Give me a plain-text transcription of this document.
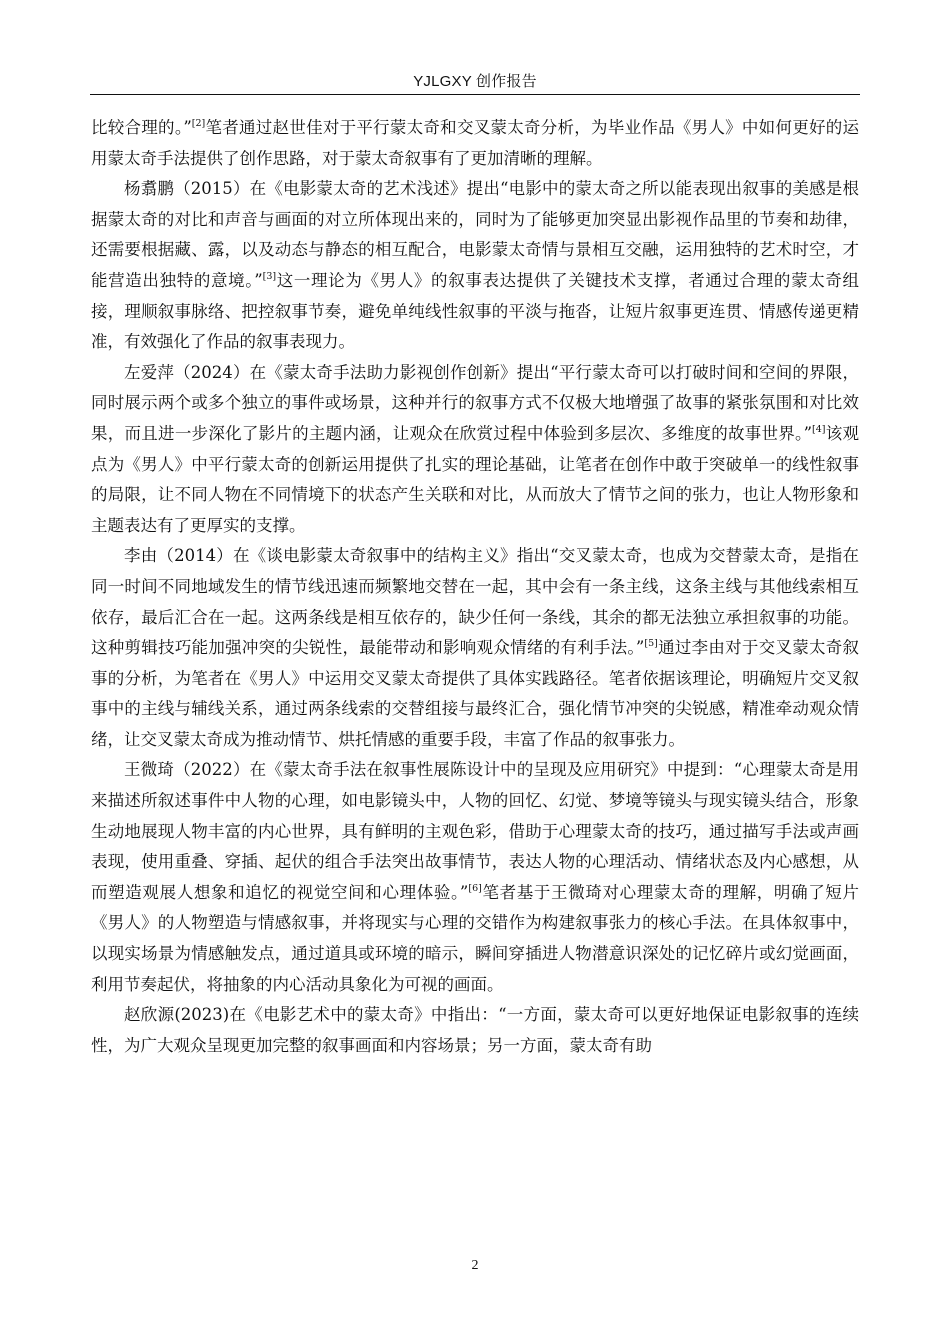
YJLGXY 创作报告

比较合理的。”[2]笔者通过赵世佳对于平行蒙太奇和交叉蒙太奇分析，为毕业作品《男人》中如何更好的运用蒙太奇手法提供了创作思路，对于蒙太奇叙事有了更加清晰的理解。

杨翥鹏（2015）在《电影蒙太奇的艺术浅述》提出“电影中的蒙太奇之所以能表现出叙事的美感是根据蒙太奇的对比和声音与画面的对立所体现出来的，同时为了能够更加突显出影视作品里的节奏和劫律，还需要根据藏、露，以及动态与静态的相互配合，电影蒙太奇情与景相互交融，运用独特的艺术时空，才能营造出独特的意境。”[3]这一理论为《男人》的叙事表达提供了关键技术支撑，者通过合理的蒙太奇组接，理顺叙事脉络、把控叙事节奏，避免单纯线性叙事的平淡与拖沓，让短片叙事更连贯、情感传递更精准，有效强化了作品的叙事表现力。

左爱萍（2024）在《蒙太奇手法助力影视创作创新》提出“平行蒙太奇可以打破时间和空间的界限，同时展示两个或多个独立的事件或场景，这种并行的叙事方式不仅极大地增强了故事的紧张氛围和对比效果，而且进一步深化了影片的主题内涵，让观众在欣赏过程中体验到多层次、多维度的故事世界。”[4]该观点为《男人》中平行蒙太奇的创新运用提供了扎实的理论基础，让笔者在创作中敢于突破单一的线性叙事的局限，让不同人物在不同情境下的状态产生关联和对比，从而放大了情节之间的张力，也让人物形象和主题表达有了更厚实的支撑。

李由（2014）在《谈电影蒙太奇叙事中的结构主义》指出“交叉蒙太奇，也成为交替蒙太奇，是指在同一时间不同地域发生的情节线迅速而频繁地交替在一起，其中会有一条主线，这条主线与其他线索相互依存，最后汇合在一起。这两条线是相互依存的，缺少任何一条线，其余的都无法独立承担叙事的功能。这种剪辑技巧能加强冲突的尖锐性，最能带动和影响观众情绪的有利手法。”[5]通过李由对于交叉蒙太奇叙事的分析，为笔者在《男人》中运用交叉蒙太奇提供了具体实践路径。笔者依据该理论，明确短片交叉叙事中的主线与辅线关系，通过两条线索的交替组接与最终汇合，强化情节冲突的尖锐感，精准牵动观众情绪，让交叉蒙太奇成为推动情节、烘托情感的重要手段，丰富了作品的叙事张力。

王微琦（2022）在《蒙太奇手法在叙事性展陈设计中的呈现及应用研究》中提到：“心理蒙太奇是用来描述所叙述事件中人物的心理，如电影镜头中，人物的回忆、幻觉、梦境等镜头与现实镜头结合，形象生动地展现人物丰富的内心世界，具有鲜明的主观色彩，借助于心理蒙太奇的技巧，通过描写手法或声画表现，使用重叠、穿插、起伏的组合手法突出故事情节，表达人物的心理活动、情绪状态及内心感想，从而塑造观展人想象和追忆的视觉空间和心理体验。”[6]笔者基于王微琦对心理蒙太奇的理解，明确了短片《男人》的人物塑造与情感叙事，并将现实与心理的交错作为构建叙事张力的核心手法。在具体叙事中，以现实场景为情感触发点，通过道具或环境的暗示，瞬间穿插进人物潜意识深处的记忆碎片或幻觉画面，利用节奏起伏，将抽象的内心活动具象化为可视的画面。

赵欣源(2023)在《电影艺术中的蒙太奇》中指出：“一方面，蒙太奇可以更好地保证电影叙事的连续性，为广大观众呈现更加完整的叙事画面和内容场景；另一方面，蒙太奇有助

2
